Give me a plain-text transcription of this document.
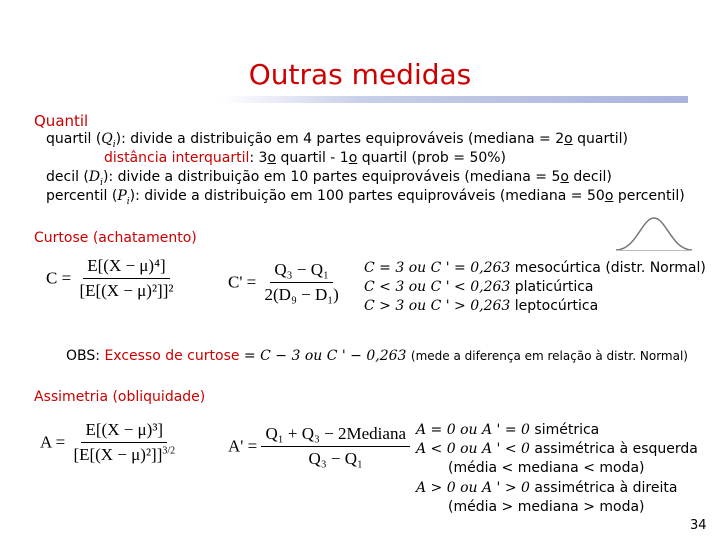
Outras medidas
Quantil
quartil $(Q_i)$: divide a distribuição em 4 partes equiprováveis (mediana = 2o quartil)
distância interquartil: 3o quartil - 1o quartil (prob = 50%)
decil $(D_i)$: divide a distribuição em 10 partes equiprováveis (mediana = 5o decil)
percentil $(P_i)$: divide a distribuição em 100 partes equiprováveis (mediana = 50o percentil)
Curtose (achatamento)
$C = \frac{\text{E[(X − μ)⁴]}}{\text{[E[(X − μ)²]]²}}$	$C' = \frac{\text{Q₃ − Q₁}}{\text{2(D₉ − D₁)}}$ C = 3 ou C ' = 0,263 mesocúrtica (distr. Normal)
C < 3 ou C ' < 0,263 platicúrtica
C > 3 ou C ' > 0,263 leptocúrtica
OBS: Excesso de curtose = C − 3 ou C ' − 0,263 (mede a diferença em relação à distr. Normal)
Assimetria (obliquidade)
$A = \frac{\text{E[(X − μ)³]}}{[E[(X - \mu)^2]]^{3/2}}$	$A' = \frac{\text{Q₁ + Q₃ − 2Mediana}}{\text{Q₃ − Q₁}}$ A = 0 ou A ' = 0 simétrica
A < 0 ou A ' < 0 assimétrica à esquerda
(média < mediana < moda)
A > 0 ou A ' > 0 assimétrica à direita
(média > mediana > moda)
34
